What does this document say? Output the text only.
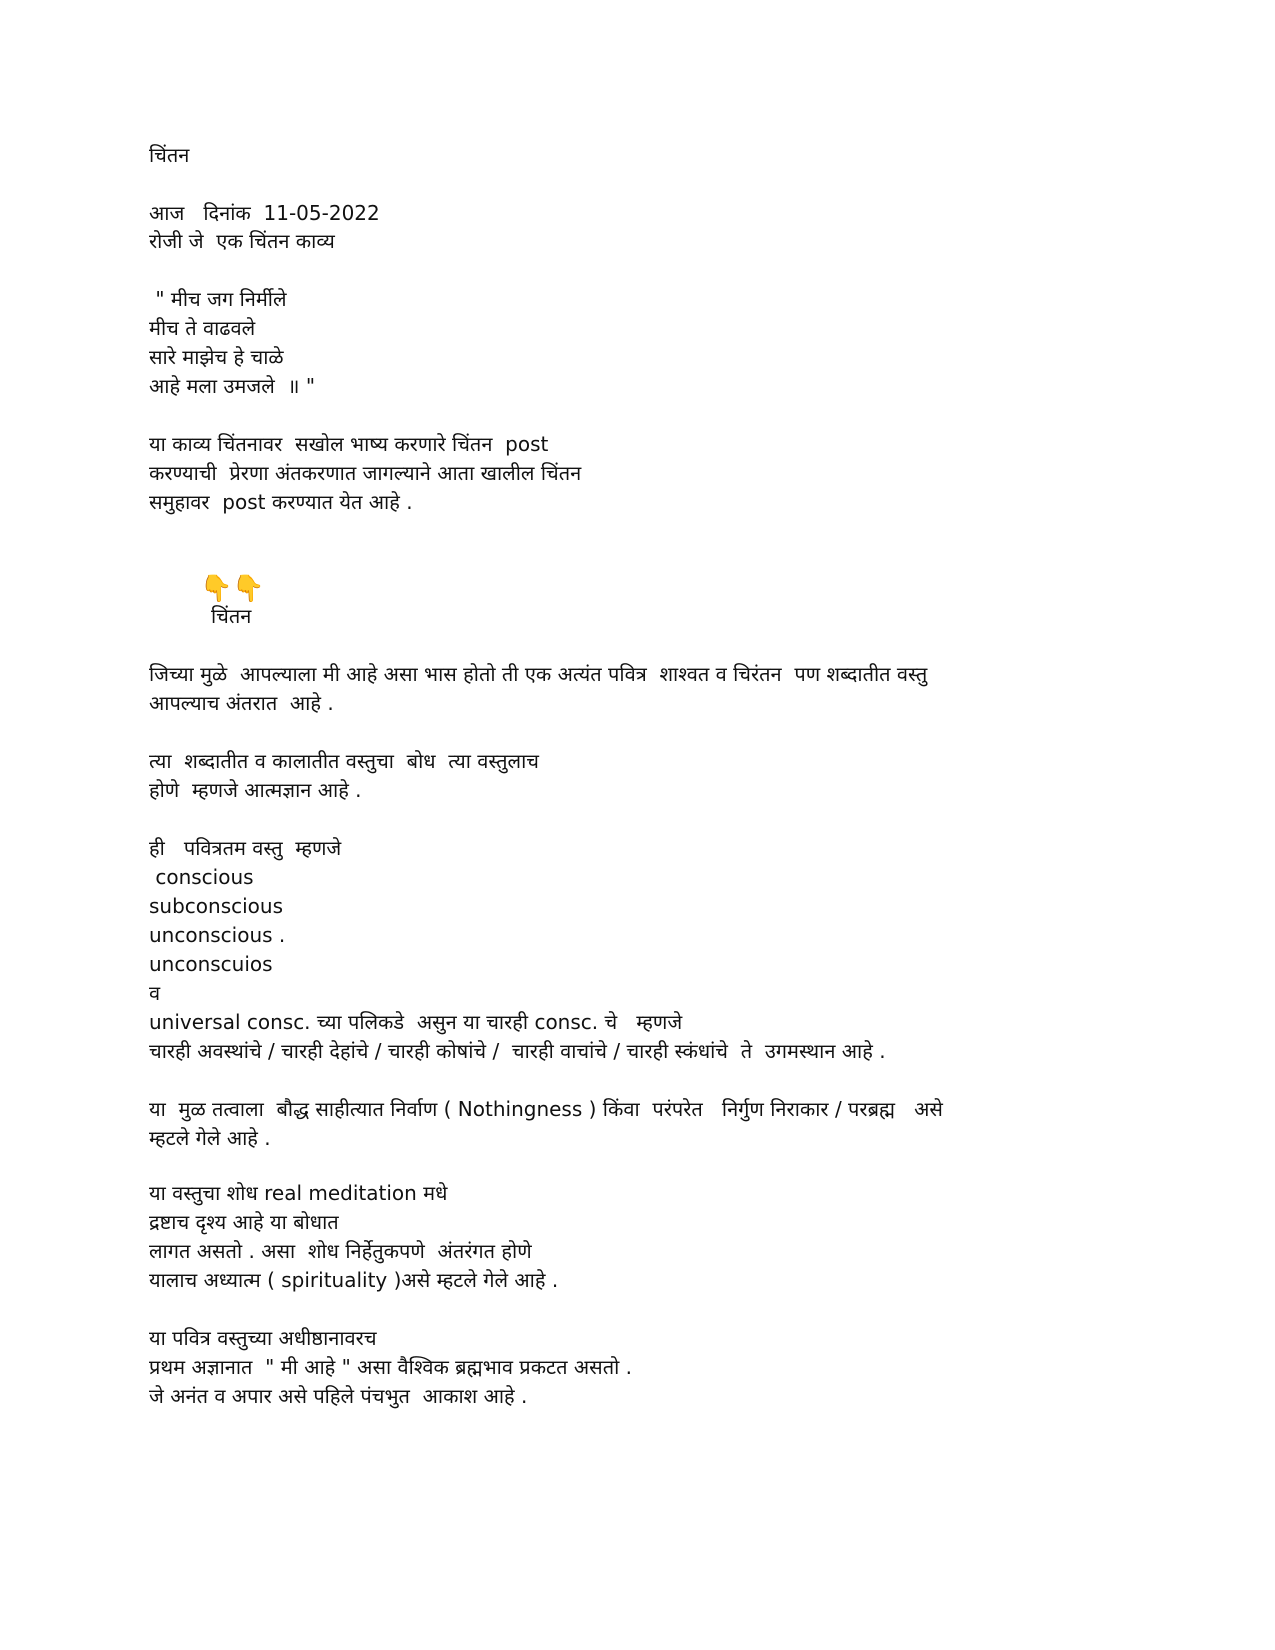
चिंतन

आज   दिनांक  11-05-2022

रोजी जे  एक चिंतन काव्य

" मीच जग निर्मीले

मीच ते वाढवले

सारे माझेच हे चाळे

आहे मला उमजले  ॥ "

या काव्य चिंतनावर  सखोल भाष्य करणारे चिंतन  post

करण्याची  प्रेरणा अंतकरणात जागल्याने आता खालील चिंतन

समुहावर  post करण्यात येत आहे .

👇👇

चिंतन

जिच्या मुळे  आपल्याला मी आहे असा भास होतो ती एक अत्यंत पवित्र  शाश्वत व चिरंतन  पण शब्दातीत वस्तु

आपल्याच अंतरात  आहे .

त्या  शब्दातीत व कालातीत वस्तुचा  बोध  त्या वस्तुलाच

होणे  म्हणजे आत्मज्ञान आहे .

ही   पवित्रतम वस्तु  म्हणजे

conscious

subconscious

unconscious .

unconscuios

व

universal consc. च्या पलिकडे  असुन या चारही consc. चे   म्हणजे

चारही अवस्थांचे / चारही देहांचे / चारही कोषांचे /  चारही वाचांचे / चारही स्कंधांचे  ते  उगमस्थान आहे .

या  मुळ तत्वाला  बौद्ध साहीत्यात निर्वाण ( Nothingness ) किंवा  परंपरेत   निर्गुण निराकार / परब्रह्म   असे

म्हटले गेले आहे .

या वस्तुचा शोध real meditation मधे

द्रष्टाच दृश्य आहे या बोधात

लागत असतो . असा  शोध निर्हेतुकपणे  अंतरंगत होणे

यालाच अध्यात्म ( spirituality )असे म्हटले गेले आहे .

या पवित्र वस्तुच्या अधीष्ठानावरच

प्रथम अज्ञानात  " मी आहे " असा वैश्विक ब्रह्मभाव प्रकटत असतो .

जे अनंत व अपार असे पहिले पंचभुत  आकाश आहे .
